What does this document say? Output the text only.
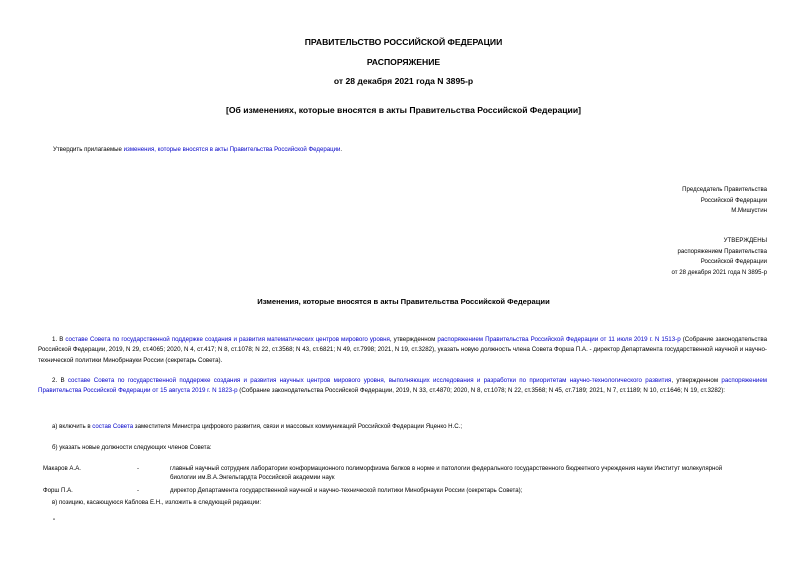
ПРАВИТЕЛЬСТВО РОССИЙСКОЙ ФЕДЕРАЦИИ
РАСПОРЯЖЕНИЕ
от 28 декабря 2021 года N 3895-р
[Об изменениях, которые вносятся в акты Правительства Российской Федерации]
Утвердить прилагаемые изменения, которые вносятся в акты Правительства Российской Федерации.
Председатель Правительства
Российской Федерации
М.Мишустин
УТВЕРЖДЕНЫ
распоряжением Правительства
Российской Федерации
от 28 декабря 2021 года N 3895-р
Изменения, которые вносятся в акты Правительства Российской Федерации
1. В составе Совета по государственной поддержке создания и развития математических центров мирового уровня, утвержденном распоряжением Правительства Российской Федерации от 11 июля 2019 г. N 1513-р (Собрание законодательства Российской Федерации, 2019, N 29, ст.4065; 2020, N 4, ст.417; N 8, ст.1078; N 22, ст.3568; N 43, ст.6821; N 49, ст.7998; 2021, N 19, ст.3282), указать новую должность члена Совета Форша П.А. - директор Департамента государственной научной и научно-технической политики Минобрнауки России (секретарь Совета).
2. В составе Совета по государственной поддержке создания и развития научных центров мирового уровня, выполняющих исследования и разработки по приоритетам научно-технологического развития, утвержденном распоряжением Правительства Российской Федерации от 15 августа 2019 г. N 1823-р (Собрание законодательства Российской Федерации, 2019, N 33, ст.4870; 2020, N 8, ст.1078; N 22, ст.3568; N 45, ст.7189; 2021, N 7, ст.1189; N 10, ст.1646; N 19, ст.3282):
а) включить в состав Совета заместителя Министра цифрового развития, связи и массовых коммуникаций Российской Федерации Яценко Н.С.;
б) указать новые должности следующих членов Совета:
Макаров А.А.	-	главный научный сотрудник лаборатории конформационного полиморфизма белков в норме и патологии федерального государственного бюджетного учреждения науки Институт молекулярной биологии им.В.А.Энгельгардта Российской академии наук
Форш П.А.	-	директор Департамента государственной научной и научно-технической политики Минобрнауки России (секретарь Совета);
в) позицию, касающуюся Каблова Е.Н., изложить в следующей редакции:
"
